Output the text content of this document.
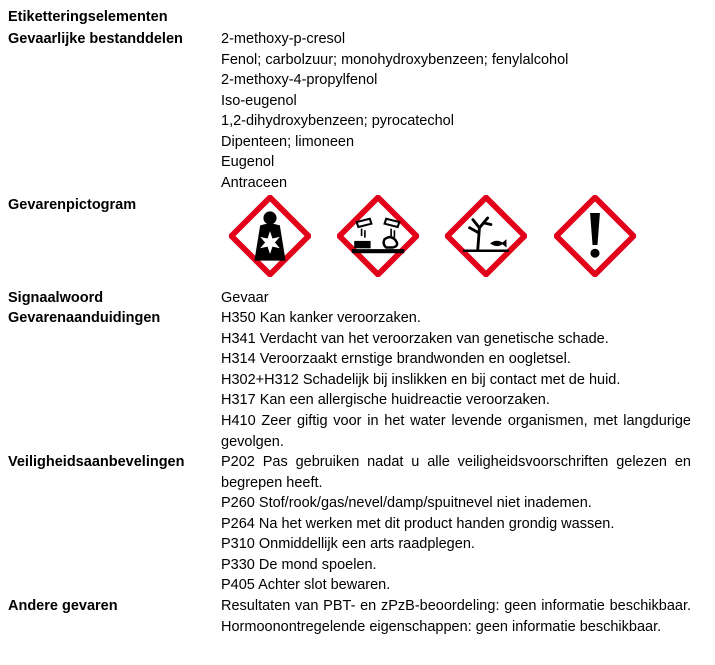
Etiketteringselementen
Gevaarlijke bestanddelen	2-methoxy-p-cresol
Fenol; carbolzuur; monohydroxybenzeen; fenylalcohol
2-methoxy-4-propylfenol
Iso-eugenol
1,2-dihydroxybenzeen; pyrocatechol
Dipenteen; limoneen
Eugenol
Antraceen
Gevarenpictogram
Signaalwoord	Gevaar
Gevarenaanduidingen	H350 Kan kanker veroorzaken.
H341 Verdacht van het veroorzaken van genetische schade.
H314 Veroorzaakt ernstige brandwonden en oogletsel.
H302+H312 Schadelijk bij inslikken en bij contact met de huid.
H317 Kan een allergische huidreactie veroorzaken.
H410 Zeer giftig voor in het water levende organismen, met langdurige gevolgen.
Veiligheidsaanbevelingen	P202 Pas gebruiken nadat u alle veiligheidsvoorschriften gelezen en begrepen heeft.
P260 Stof/rook/gas/nevel/damp/spuitnevel niet inademen.
P264 Na het werken met dit product handen grondig wassen.
P310 Onmiddellijk een arts raadplegen.
P330 De mond spoelen.
P405 Achter slot bewaren.
Andere gevaren	Resultaten van PBT- en zPzB-beoordeling: geen informatie beschikbaar. Hormoonontregelende eigenschappen: geen informatie beschikbaar.
